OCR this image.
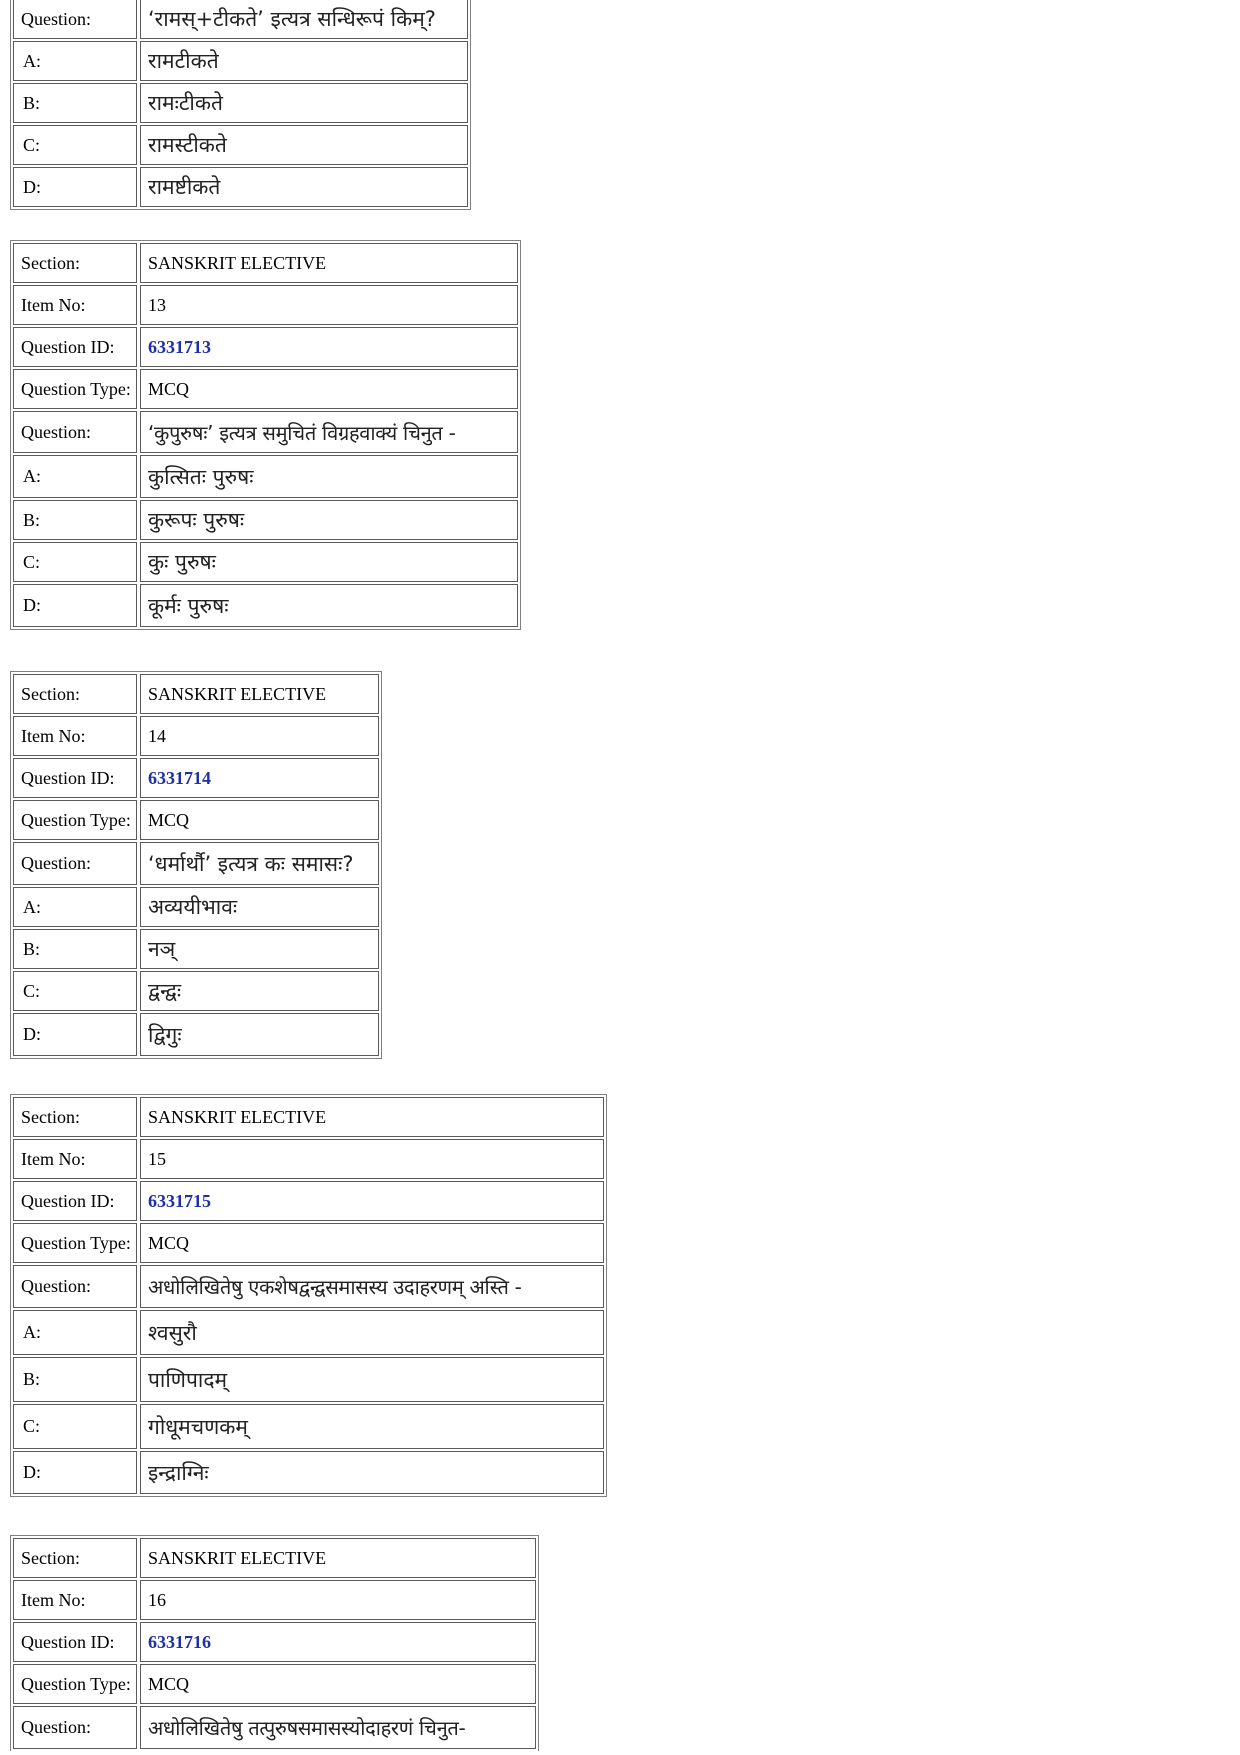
Question:	‘रामस्+टीकते’ इत्यत्र सन्धिरूपं किम्?
A:	रामटीकते
B:	रामःटीकते
C:	रामस्टीकते
D:	रामष्टीकते
Section:	SANSKRIT ELECTIVE
Item No:	13
Question ID:	6331713
Question Type: MCQ
Question:	‘कुपुरुषः’ इत्यत्र समुचितं विग्रहवाक्यं चिनुत -
A:	कुत्सितः पुरुषः
B:	कुरूपः पुरुषः
C:	कुः पुरुषः
D:	कूर्मः पुरुषः
Section:	SANSKRIT ELECTIVE
Item No:	14
Question ID:	6331714
Question Type: MCQ
Question:	‘धर्मार्थौ’ इत्यत्र कः समासः?
A:	अव्ययीभावः
B:	नञ्
C:	द्वन्द्वः
D:	द्विगुः
Section:	SANSKRIT ELECTIVE
Item No:	15
Question ID:	6331715
Question Type: MCQ
Question:	अधोलिखितेषु एकशेषद्वन्द्वसमासस्य उदाहरणम् अस्ति -
A:	श्वसुरौ
B:	पाणिपादम्
C:	गोधूमचणकम्
D:	इन्द्राग्निः
Section:	SANSKRIT ELECTIVE
Item No:	16
Question ID:	6331716
Question Type: MCQ
Question:	अधोलिखितेषु तत्पुरुषसमासस्योदाहरणं चिनुत-
